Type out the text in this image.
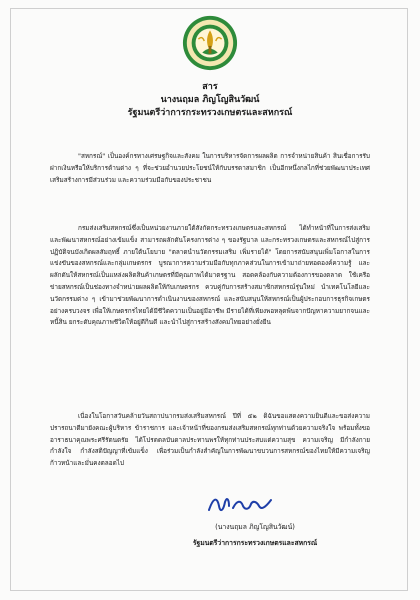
สาร
นางนฤมล ภิญโญสินวัฒน์
รัฐมนตรีว่าการกระทรวงเกษตรและสหกรณ์

"สหกรณ์" เป็นองค์กรทางเศรษฐกิจและสังคม ในการบริหารจัดการผลผลิต การจำหน่ายสินค้า สินเชื่อการรับฝากเงินหรือให้บริการด้านต่าง ๆ ที่จะช่วยอำนวยประโยชน์ให้กับบรรดาสมาชิก เป็นอีกหนึ่งกลไกที่ช่วยพัฒนาประเทศ เสริมสร้างการมีส่วนร่วม และความร่วมมือกับของประชาชน

กรมส่งเสริมสหกรณ์ซึ่งเป็นหน่วยงานภายใต้สังกัดกระทรวงเกษตรและสหกรณ์ ได้ทำหน้าที่ในการส่งเสริมและพัฒนาสหกรณ์อย่างเข้มแข็ง สามารถผลักดันโครงการต่าง ๆ ของรัฐบาล และกระทรวงเกษตรและสหกรณ์ไปสู่การปฏิบัติจนบังเกิดผลสัมฤทธิ์ ภายใต้นโยบาย "ตลาดนำนวัตกรรมเสริม เพิ่มรายได้" โดยการสนับสนุนเพิ่มโอกาสในการแข่งขันของสหกรณ์และกลุ่มเกษตรกร บูรณาการความร่วมมือกับทุกภาคส่วนในการเข้ามาถ่ายทอดองค์ความรู้ และผลักดันให้สหกรณ์เป็นแหล่งผลิตสินค้าเกษตรที่มีคุณภาพได้มาตรฐาน สอดคล้องกับความต้องการของตลาด ใช้เครือข่ายสหกรณ์เป็นช่องทางจำหน่ายผลผลิตให้กับเกษตรกร ควบคู่กับการสร้างสมาชิกสหกรณ์รุ่นใหม่ นำเทคโนโลยีและนวัตกรรมต่าง ๆ เข้ามาช่วยพัฒนาการดำเนินงานของสหกรณ์ และสนับสนุนให้สหกรณ์เป็นผู้ประกอบการธุรกิจเกษตรอย่างครบวงจร เพื่อให้เกษตรกรไทยได้มีชีวิตความเป็นอยู่มีอาชีพ มีรายได้ที่เพียงพอหลุดพ้นจากปัญหาความยากจนและหนี้สิน ยกระดับคุณภาพชีวิตให้อยู่ดีกินดี และนำไปสู่การสร้างสังคมไทยอย่างยั่งยืน

เนื่องในโอกาสวันคล้ายวันสถาปนากรมส่งเสริมสหกรณ์ ปีที่ ๕๒ ดิฉันขอแสดงความยินดีและขอส่งความปรารถนาดีมายังคณะผู้บริหาร ข้าราชการ และเจ้าหน้าที่ของกรมส่งเสริมสหกรณ์ทุกท่านด้วยความจริงใจ พร้อมทั้งขออาราธนาคุณพระศรีรัตนตรัย ได้โปรดดลบันดาลประทานพรให้ทุกท่านประสบแต่ความสุข ความเจริญ มีกำลังกาย กำลังใจ กำลังสติปัญญาที่เข้มแข็ง เพื่อร่วมเป็นกำลังสำคัญในการพัฒนาขบวนการสหกรณ์ของไทยให้มีความเจริญก้าวหน้าและมั่นคงตลอดไป

(นางนฤมล ภิญโญสินวัฒน์)
รัฐมนตรีว่าการกระทรวงเกษตรและสหกรณ์
